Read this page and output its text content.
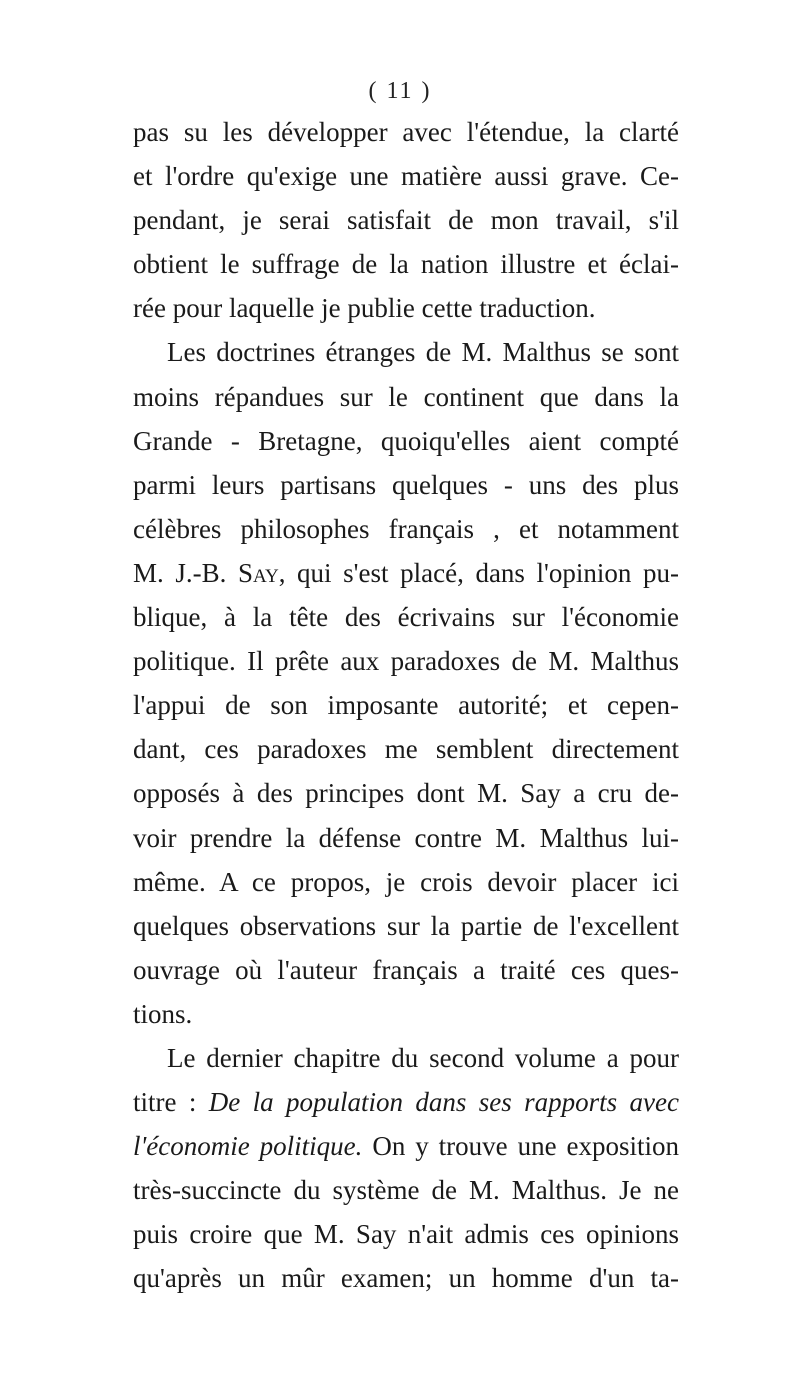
( 11 )
pas su les développer avec l'étendue, la clarté
et l'ordre qu'exige une matière aussi grave. Ce-
pendant, je serai satisfait de mon travail, s'il
obtient le suffrage de la nation illustre et éclai-
rée pour laquelle je publie cette traduction.
Les doctrines étranges de M. Malthus se sont
moins répandues sur le continent que dans la
Grande - Bretagne, quoiqu'elles aient compté
parmi leurs partisans quelques - uns des plus
célèbres philosophes français , et notamment
M. J.-B. Say, qui s'est placé, dans l'opinion pu-
blique, à la tête des écrivains sur l'économie
politique. Il prête aux paradoxes de M. Malthus
l'appui de son imposante autorité; et cepen-
dant, ces paradoxes me semblent directement
opposés à des principes dont M. Say a cru de-
voir prendre la défense contre M. Malthus lui-
même. A ce propos, je crois devoir placer ici
quelques observations sur la partie de l'excellent
ouvrage où l'auteur français a traité ces ques-
tions.
Le dernier chapitre du second volume a pour
titre : De la population dans ses rapports avec
l'économie politique. On y trouve une exposition
très-succincte du système de M. Malthus. Je ne
puis croire que M. Say n'ait admis ces opinions
qu'après un mûr examen; un homme d'un ta-
